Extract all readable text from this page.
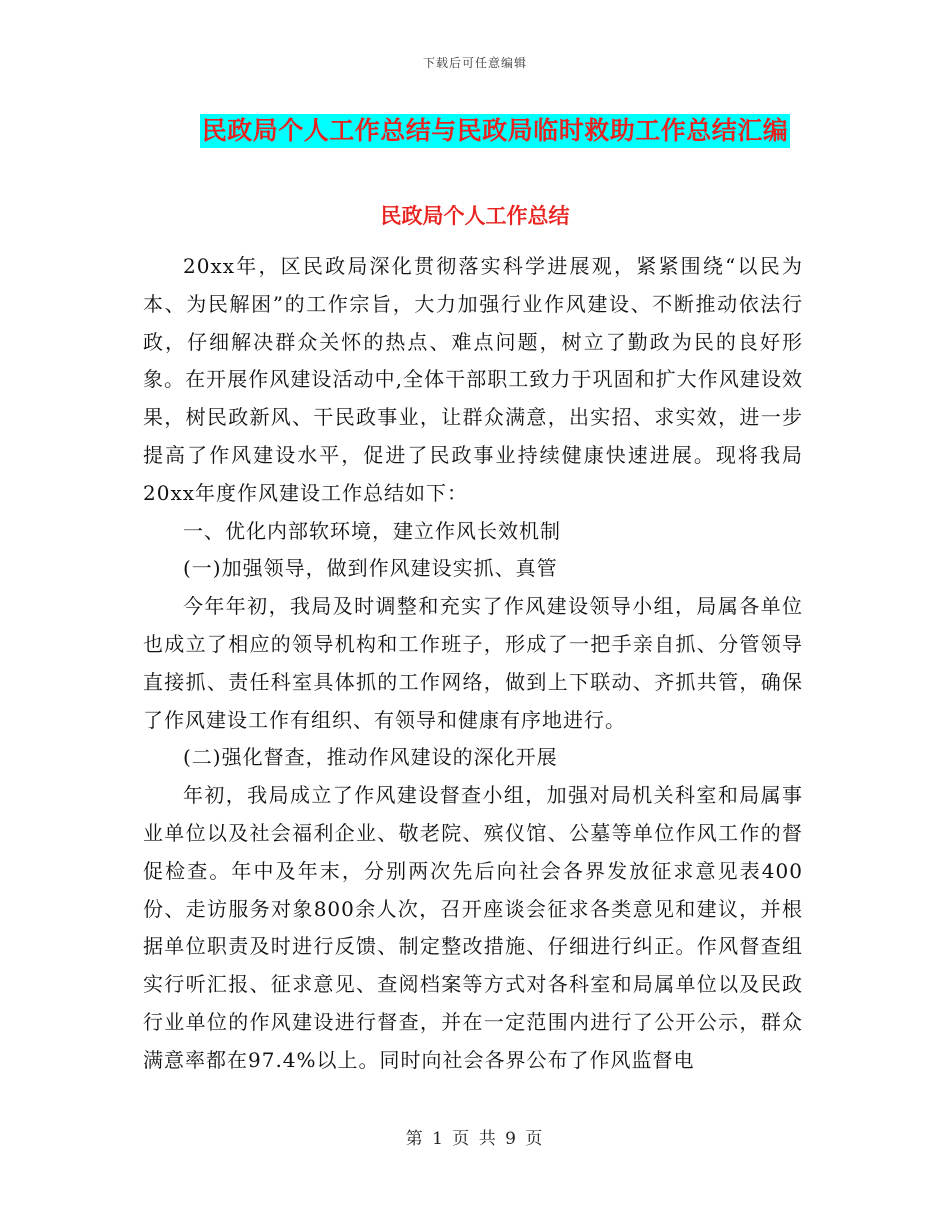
下载后可任意编辑
民政局个人工作总结与民政局临时救助工作总结汇编
民政局个人工作总结

20xx年，区民政局深化贯彻落实科学进展观，紧紧围绕“以民为本、为民解困”的工作宗旨，大力加强行业作风建设、不断推动依法行政，仔细解决群众关怀的热点、难点问题，树立了勤政为民的良好形象。在开展作风建设活动中,全体干部职工致力于巩固和扩大作风建设效果，树民政新风、干民政事业，让群众满意，出实招、求实效，进一步提高了作风建设水平，促进了民政事业持续健康快速进展。现将我局20xx年度作风建设工作总结如下：

一、优化内部软环境，建立作风长效机制

(一)加强领导，做到作风建设实抓、真管

今年年初，我局及时调整和充实了作风建设领导小组，局属各单位也成立了相应的领导机构和工作班子，形成了一把手亲自抓、分管领导直接抓、责任科室具体抓的工作网络，做到上下联动、齐抓共管，确保了作风建设工作有组织、有领导和健康有序地进行。

(二)强化督查，推动作风建设的深化开展

年初，我局成立了作风建设督查小组，加强对局机关科室和局属事业单位以及社会福利企业、敬老院、殡仪馆、公墓等单位作风工作的督促检查。年中及年末，分别两次先后向社会各界发放征求意见表400份、走访服务对象800余人次，召开座谈会征求各类意见和建议，并根据单位职责及时进行反馈、制定整改措施、仔细进行纠正。作风督查组实行听汇报、征求意见、查阅档案等方式对各科室和局属单位以及民政行业单位的作风建设进行督查，并在一定范围内进行了公开公示，群众满意率都在97.4%以上。同时向社会各界公布了作风监督电

第 1 页 共 9 页
